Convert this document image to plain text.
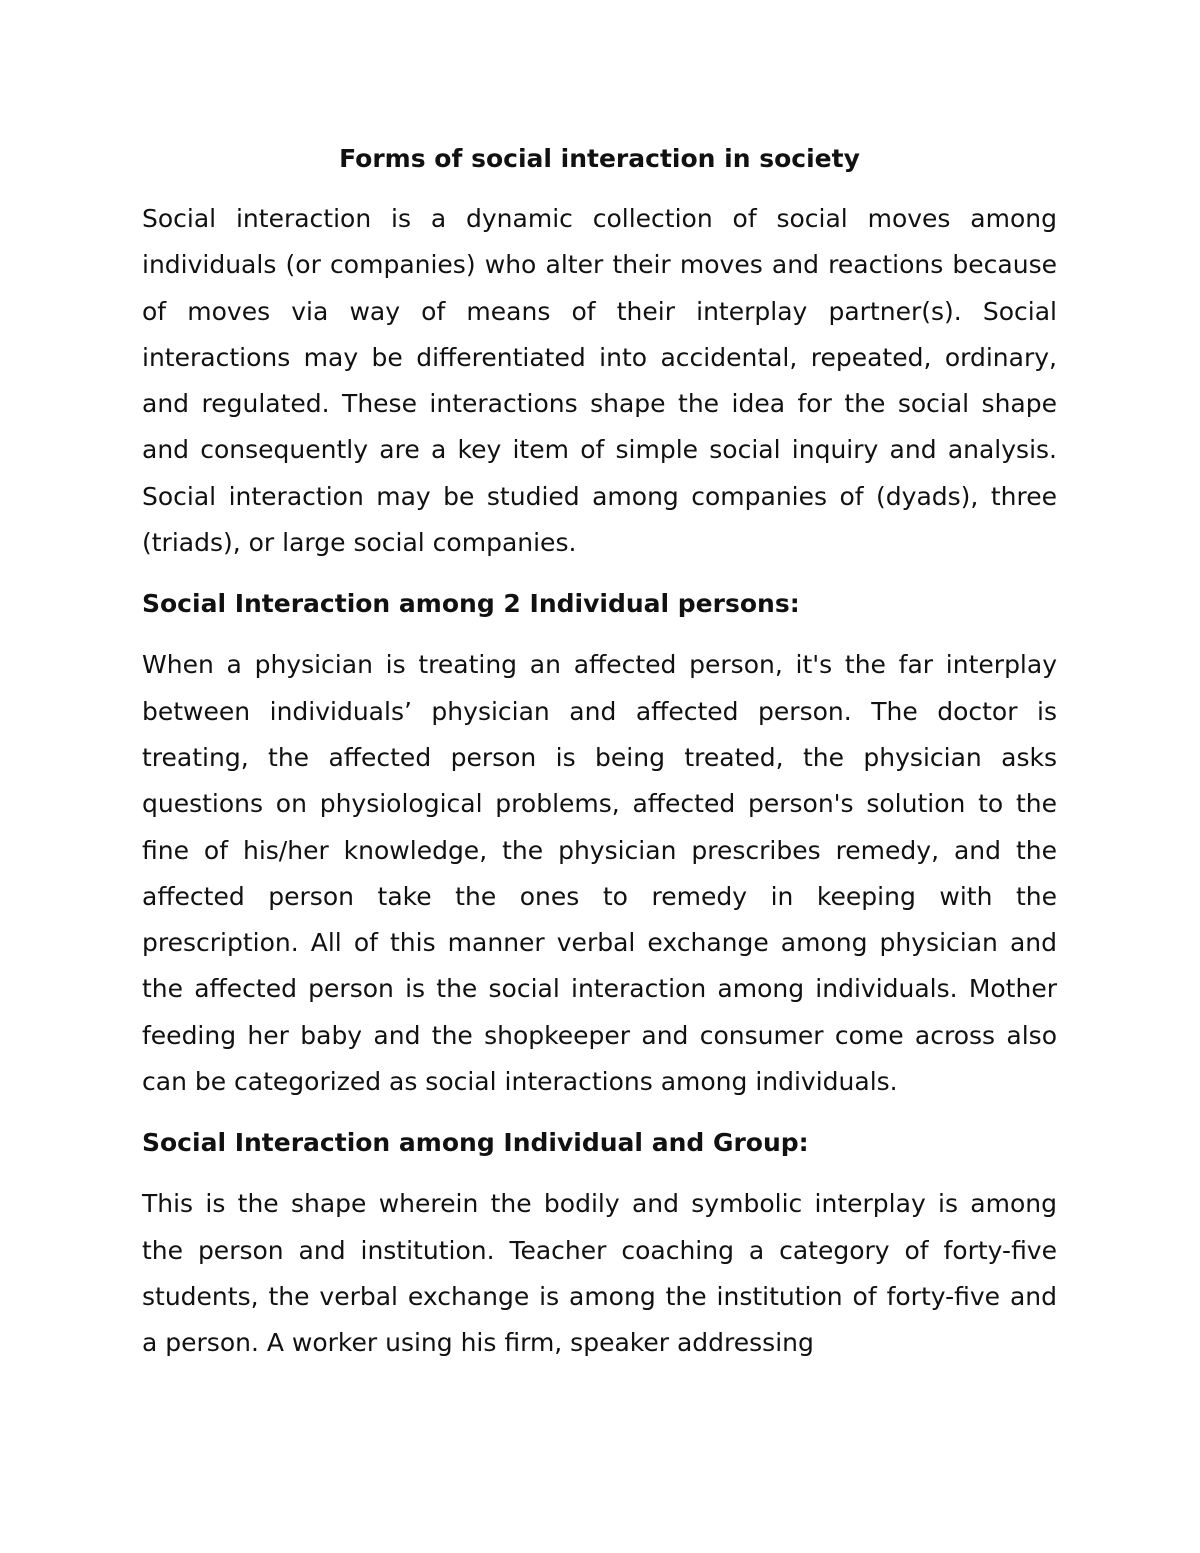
Forms of social interaction in society
Social interaction is a dynamic collection of social moves among individuals (or companies) who alter their moves and reactions because of moves via way of means of their interplay partner(s). Social interactions may be differentiated into accidental, repeated, ordinary, and regulated. These interactions shape the idea for the social shape and consequently are a key item of simple social inquiry and analysis. Social interaction may be studied among companies of (dyads), three (triads), or large social companies.
Social Interaction among 2 Individual persons:
When a physician is treating an affected person, it's the far interplay between individuals’ physician and affected person. The doctor is treating, the affected person is being treated, the physician asks questions on physiological problems, affected person's solution to the fine of his/her knowledge, the physician prescribes remedy, and the affected person take the ones to remedy in keeping with the prescription. All of this manner verbal exchange among physician and the affected person is the social interaction among individuals. Mother feeding her baby and the shopkeeper and consumer come across also can be categorized as social interactions among individuals.
Social Interaction among Individual and Group:
This is the shape wherein the bodily and symbolic interplay is among the person and institution. Teacher coaching a category of forty-five students, the verbal exchange is among the institution of forty-five and a person. A worker using his firm, speaker addressing
